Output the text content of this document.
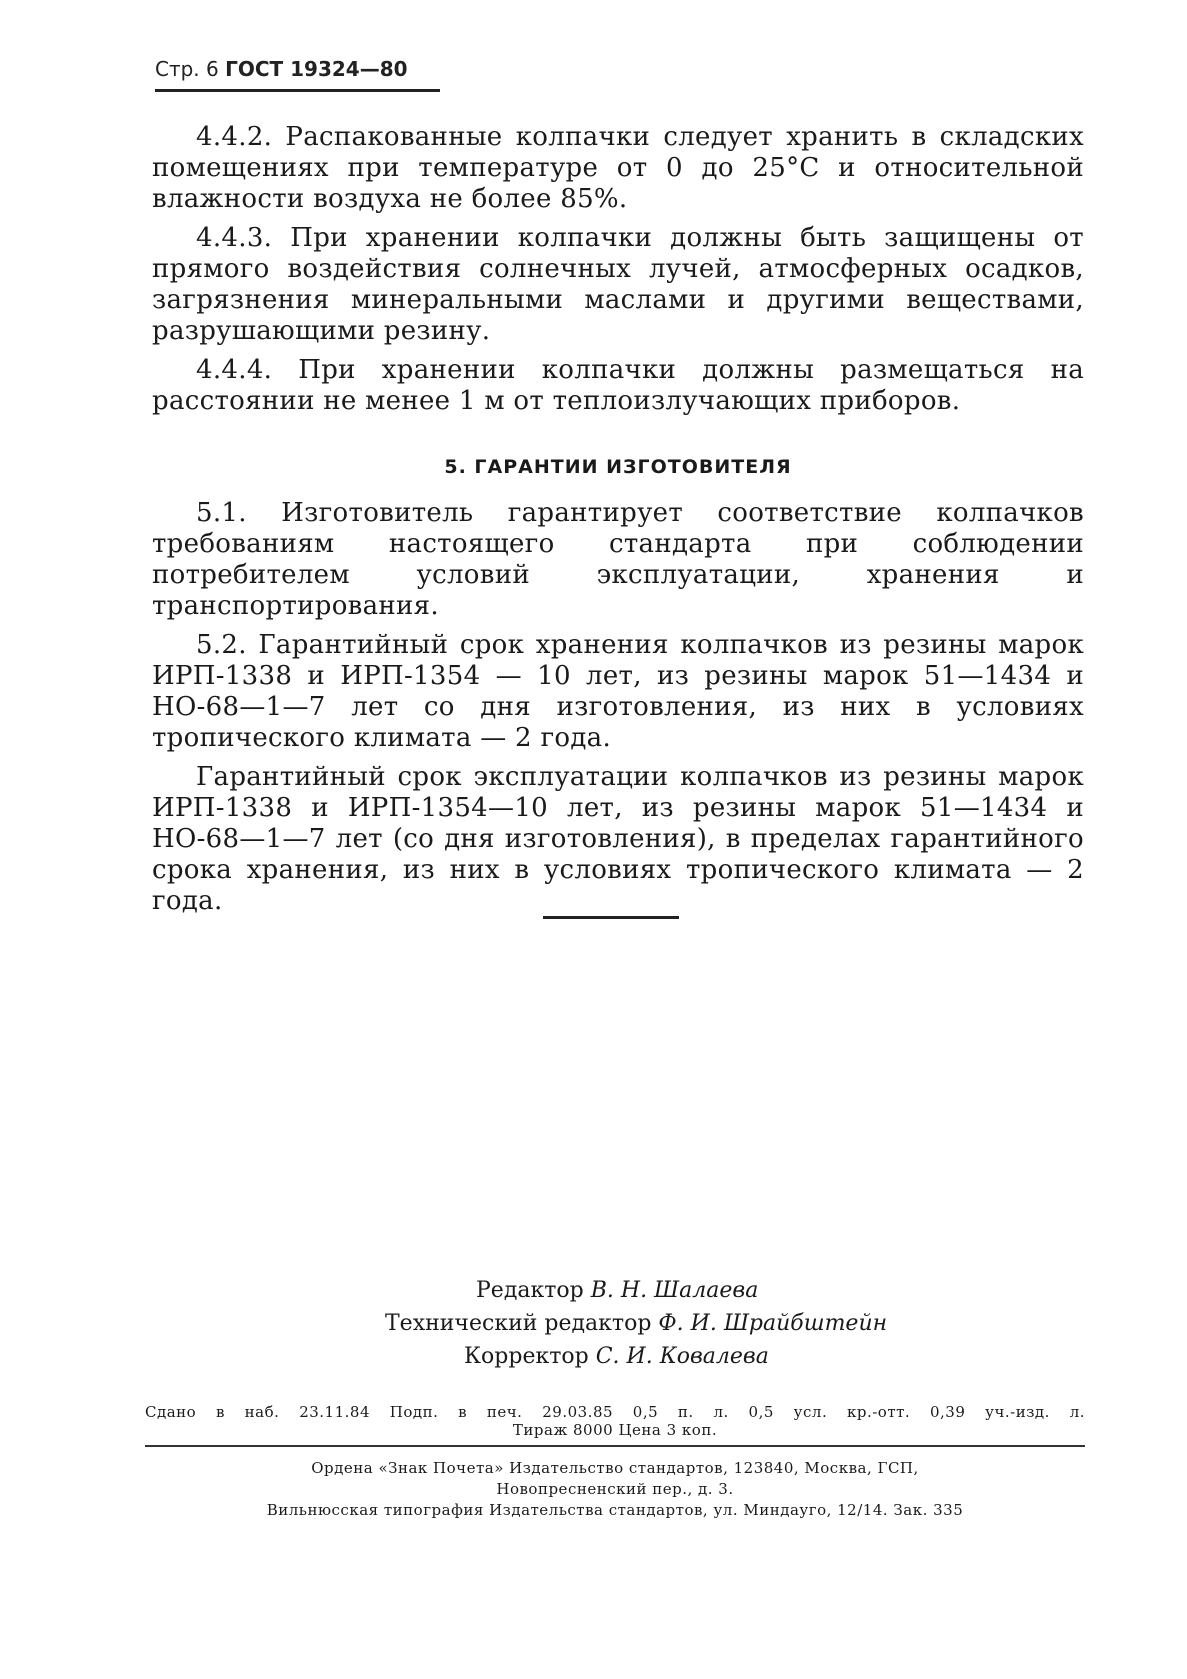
Стр. 6 ГОСТ 19324—80

4.4.2. Распакованные колпачки следует хранить в складских помещениях при температуре от 0 до 25°С и относительной влажности воздуха не более 85%.

4.4.3. При хранении колпачки должны быть защищены от прямого воздействия солнечных лучей, атмосферных осадков, загрязнения минеральными маслами и другими веществами, разрушающими резину.

4.4.4. При хранении колпачки должны размещаться на расстоянии не менее 1 м от теплоизлучающих приборов.

5. ГАРАНТИИ ИЗГОТОВИТЕЛЯ

5.1. Изготовитель гарантирует соответствие колпачков требованиям настоящего стандарта при соблюдении потребителем условий эксплуатации, хранения и транспортирования.

5.2. Гарантийный срок хранения колпачков из резины марок ИРП-1338 и ИРП-1354 — 10 лет, из резины марок 51—1434 и НО-68—1—7 лет со дня изготовления, из них в условиях тропического климата — 2 года.

Гарантийный срок эксплуатации колпачков из резины марок ИРП-1338 и ИРП-1354—10 лет, из резины марок 51—1434 и НО-68—1—7 лет (со дня изготовления), в пределах гарантийного срока хранения, из них в условиях тропического климата — 2 года.

Редактор В. Н. Шалаева
Технический редактор Ф. И. Шрайбштейн
Корректор С. И. Ковалева
Сдано в наб. 23.11.84 Подп. в печ. 29.03.85 0,5 п. л. 0,5 усл. кр.-отт. 0,39 уч.-изд. л.
Тираж 8000 Цена 3 коп.
Ордена «Знак Почета» Издательство стандартов, 123840, Москва, ГСП,
Новопресненский пер., д. 3.
Вильнюсская типография Издательства стандартов, ул. Миндауго, 12/14. Зак. 335
